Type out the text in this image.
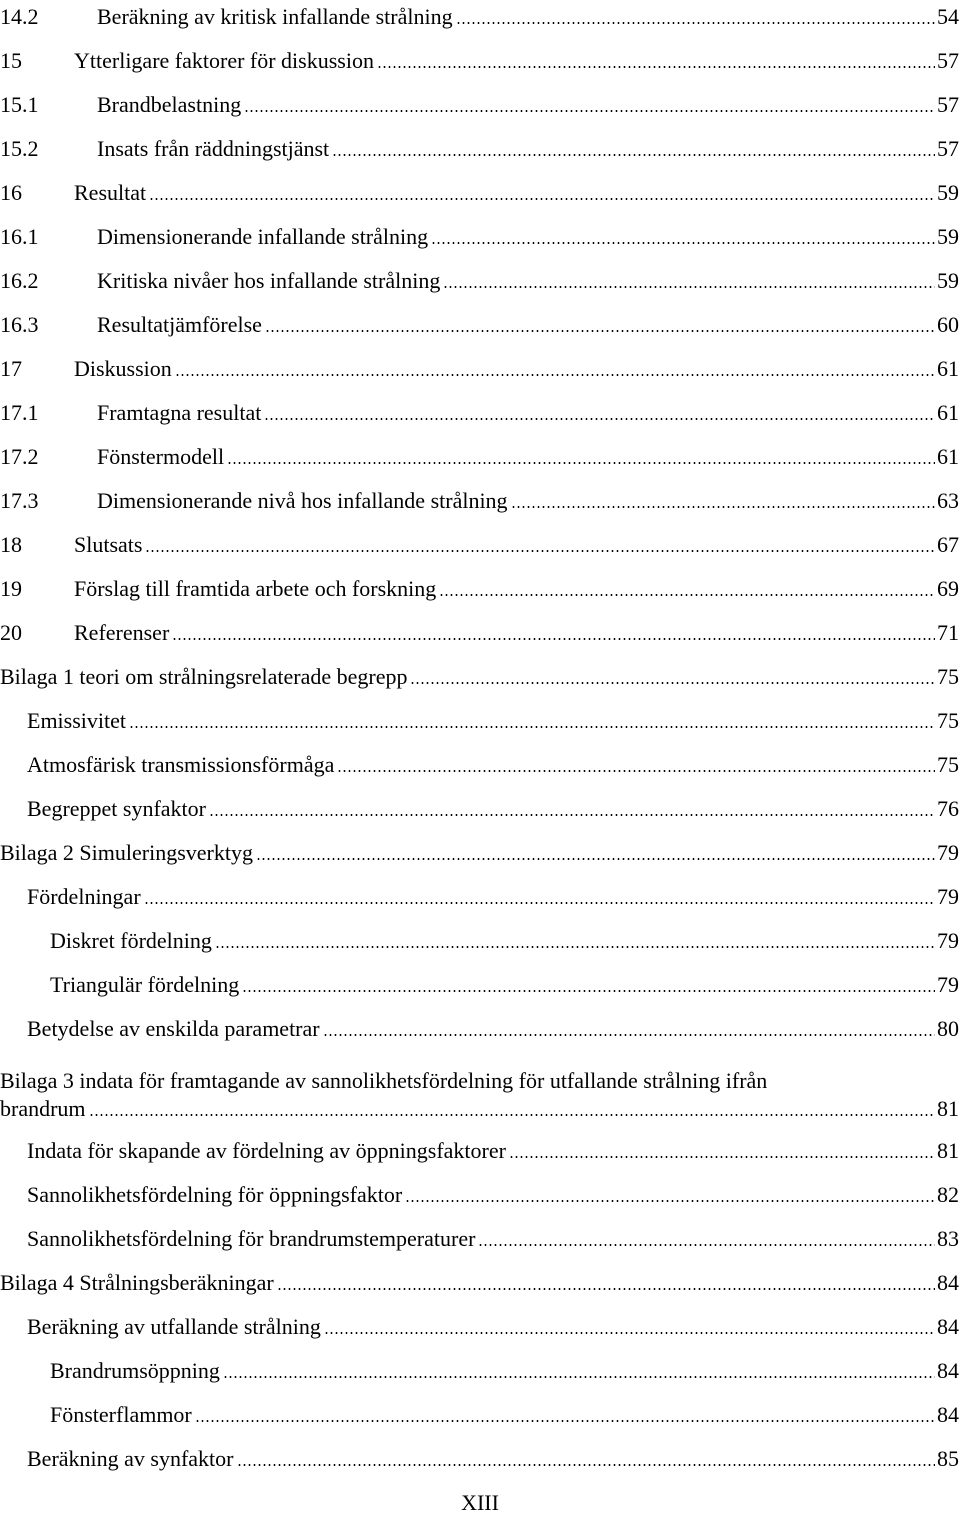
14.2	Beräkning av kritisk infallande strålning	54
15	Ytterligare faktorer för diskussion	57
15.1	Brandbelastning	57
15.2	Insats från räddningstjänst	57
16	Resultat	59
16.1	Dimensionerande infallande strålning	59
16.2	Kritiska nivåer hos infallande strålning	59
16.3	Resultatjämförelse	60
17	Diskussion	61
17.1	Framtagna resultat	61
17.2	Fönstermodell	61
17.3	Dimensionerande nivå hos infallande strålning	63
18	Slutsats	67
19	Förslag till framtida arbete och forskning	69
20	Referenser	71
Bilaga 1 teori om strålningsrelaterade begrepp	75
Emissivitet	75
Atmosfärisk transmissionsförmåga	75
Begreppet synfaktor	76
Bilaga 2 Simuleringsverktyg	79
Fördelningar	79
Diskret fördelning	79
Triangulär fördelning	79
Betydelse av enskilda parametrar	80
Bilaga 3 indata för framtagande av sannolikhetsfördelning för utfallande strålning ifrån
brandrum	81
Indata för skapande av fördelning av öppningsfaktorer	81
Sannolikhetsfördelning för öppningsfaktor	82
Sannolikhetsfördelning för brandrumstemperaturer	83
Bilaga 4 Strålningsberäkningar	84
Beräkning av utfallande strålning	84
Brandrumsöppning	84
Fönsterflammor	84
Beräkning av synfaktor	85
XIII
